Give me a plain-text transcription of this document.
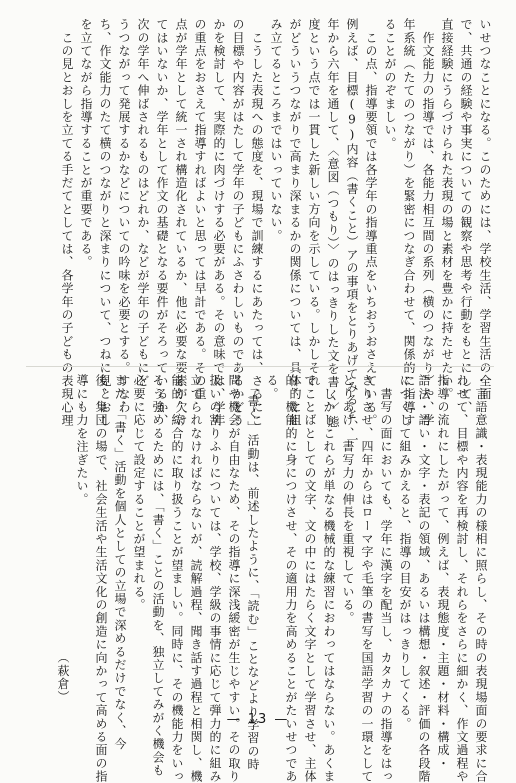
いせつなことになる。このためには、学校生活、学習生活の全面
で、共通の経験や事実についての観察や思考や行動をもとにして、
直接経験にうらづけられた表現の場と素材を豊かに持たせたい。
　作文能力の指導では、各能力相互間の系列（横のつながり）や、学
年系統（たてのつながり）を緊密につなぎ合わせて、関係的に指導す
ることがのぞましい。
　この点、指導要領では各学年の指導重点をいちおうおさえている。
例えば、目標(9)内容（書くこと）アの事項をとりあげてみると、一
年から六年を通して、〈意図（つもり）〉のはっきりした文を書く〉態
度という点では一貫した新しい方向を示している。しかしそれ
がどういうつながりで高まり深まるかの関係については、具体的に組
み立てるところまではいっていない。
　こうした表現への態度を、現場で訓練するにあたっては、さらにこ
の目標や内容がはたして学年の子どもにふさわしいものであるかどう
かを検討して、実際的に肉づけする必要がある。その意味では、学年
の重点をおさえて指導すればよいと思っては早計である。その重
点が学年として統一され構造化されているか、他に必要な要素が欠け
てはいないか、学年として作文の基礎となる要件がそろっているか、
次の学年へ伸ばされるものはどれか、などが学年の子どもにど
うつながって発展するかなどについての吟味を必要とする。すなわ
ち、作文能力のたて横のつながりと深まりについて、つねに見とおし
を立てながら指導することが重要である。
　この見とおしを立てる手だてとしては、各学年の子どもの表現心理
・言語意識・表現能力の様相に照らし、その時の表現場面の要求に合
わせて、目標や内容を再検討し、それらをさらに細かく、作文過程や
指導の流れにしたがって、例えば、表現態度・主題・材料・構成・
語法・語い・文字・表記の領域、あるいは構想・叙述・評価の各段階
につくして組みかえると、指導の目安がはっきりしてくる。
　書写の面においても、学年に漢字を配当し、カタカナの指導をはっ
きりさせ、四年からはローマ字や毛筆の書写を国語学習の一環として
とりあげ、書写力の伸長を重視している。
　しかしこれらが単なる機械的な練習におわってはならない。あくま
でことばとしての文字、文の中にはたらく文字として学習させ、主体
的、機能的に身につけさせ、その適用力を高めることがたいせつであ
る。
　「書く」活動は、前述したように、「読む」ことなどより学習の時
間や機会が自由なため、その指導に深浅緩密が生じやすい。その取り
扱いの割りふりについては、学校、学級の事情に応じて弾力的に組み
立てられなければならないが、読解過程、聞き話す過程と相関し、機
能的、綜合的に取り扱うことが望ましい。同時に、その機能力をいっ
そう強めるためには、「書く」ことの活動を、独立してみがく機会も
必要に応じて設定することが望まれる。
また、「書く」活動を個人としての立場で深めるだけでなく、今
後、集団の場で、社会生活や生活文化の創造に向かって高める面の指
導にも力を注ぎたい。
（萩倉）
— 13 —
